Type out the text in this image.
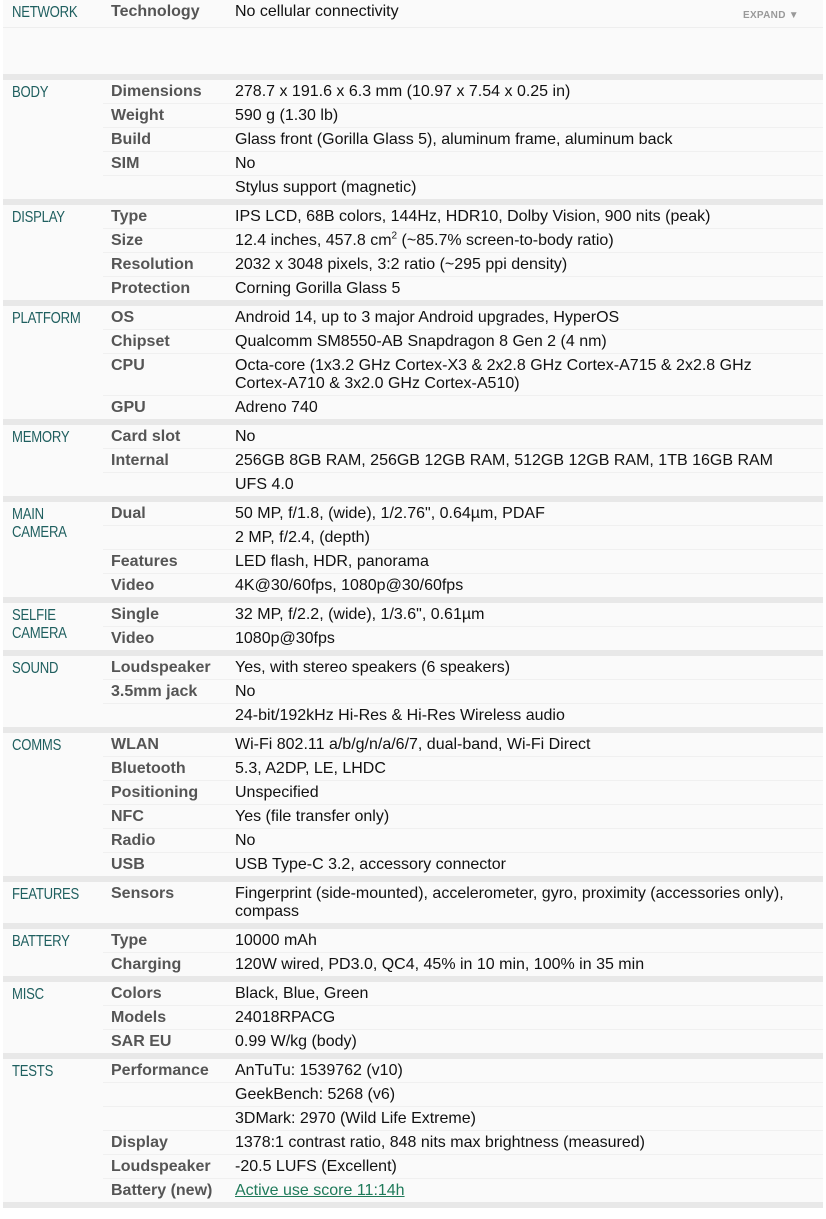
NETWORK	Technology	No cellular connectivity	EXPAND ▼
BODY	Dimensions	278.7 x 191.6 x 6.3 mm (10.97 x 7.54 x 0.25 in)
	Weight	590 g (1.30 lb)
	Build	Glass front (Gorilla Glass 5), aluminum frame, aluminum back
	SIM	No
		Stylus support (magnetic)
DISPLAY	Type	IPS LCD, 68B colors, 144Hz, HDR10, Dolby Vision, 900 nits (peak)
	Size	12.4 inches, 457.8 $cm^2$ (~85.7% screen-to-body ratio)
	Resolution	2032 x 3048 pixels, 3:2 ratio (~295 ppi density)
	Protection	Corning Gorilla Glass 5
PLATFORM	OS	Android 14, up to 3 major Android upgrades, HyperOS
	Chipset	Qualcomm SM8550-AB Snapdragon 8 Gen 2 (4 nm)
	CPU	Octa-core (1x3.2 GHz Cortex-X3 & 2x2.8 GHz Cortex-A715 & 2x2.8 GHz Cortex-A710 & 3x2.0 GHz Cortex-A510)
	GPU	Adreno 740
MEMORY	Card slot	No
	Internal	256GB 8GB RAM, 256GB 12GB RAM, 512GB 12GB RAM, 1TB 16GB RAM
		UFS 4.0
MAIN
CAMERA	Dual	50 MP, f/1.8, (wide), 1/2.76", 0.64µm, PDAF
		2 MP, f/2.4, (depth)
	Features	LED flash, HDR, panorama
	Video	4K@30/60fps, 1080p@30/60fps
SELFIE
CAMERA	Single	32 MP, f/2.2, (wide), 1/3.6", 0.61µm
	Video	1080p@30fps
SOUND	Loudspeaker	Yes, with stereo speakers (6 speakers)
	3.5mm jack	No
		24-bit/192kHz Hi-Res & Hi-Res Wireless audio
COMMS	WLAN	Wi-Fi 802.11 a/b/g/n/a/6/7, dual-band, Wi-Fi Direct
	Bluetooth	5.3, A2DP, LE, LHDC
	Positioning	Unspecified
	NFC	Yes (file transfer only)
	Radio	No
	USB	USB Type-C 3.2, accessory connector
FEATURES	Sensors	Fingerprint (side-mounted), accelerometer, gyro, proximity (accessories only), compass
BATTERY	Type	10000 mAh
	Charging	120W wired, PD3.0, QC4, 45% in 10 min, 100% in 35 min
MISC	Colors	Black, Blue, Green
	Models	24018RPACG
	SAR EU	0.99 W/kg (body)
TESTS	Performance	AnTuTu: 1539762 (v10)
		GeekBench: 5268 (v6)
		3DMark: 2970 (Wild Life Extreme)
	Display	1378:1 contrast ratio, 848 nits max brightness (measured)
	Loudspeaker	-20.5 LUFS (Excellent)
	Battery (new)	Active use score 11:14h
